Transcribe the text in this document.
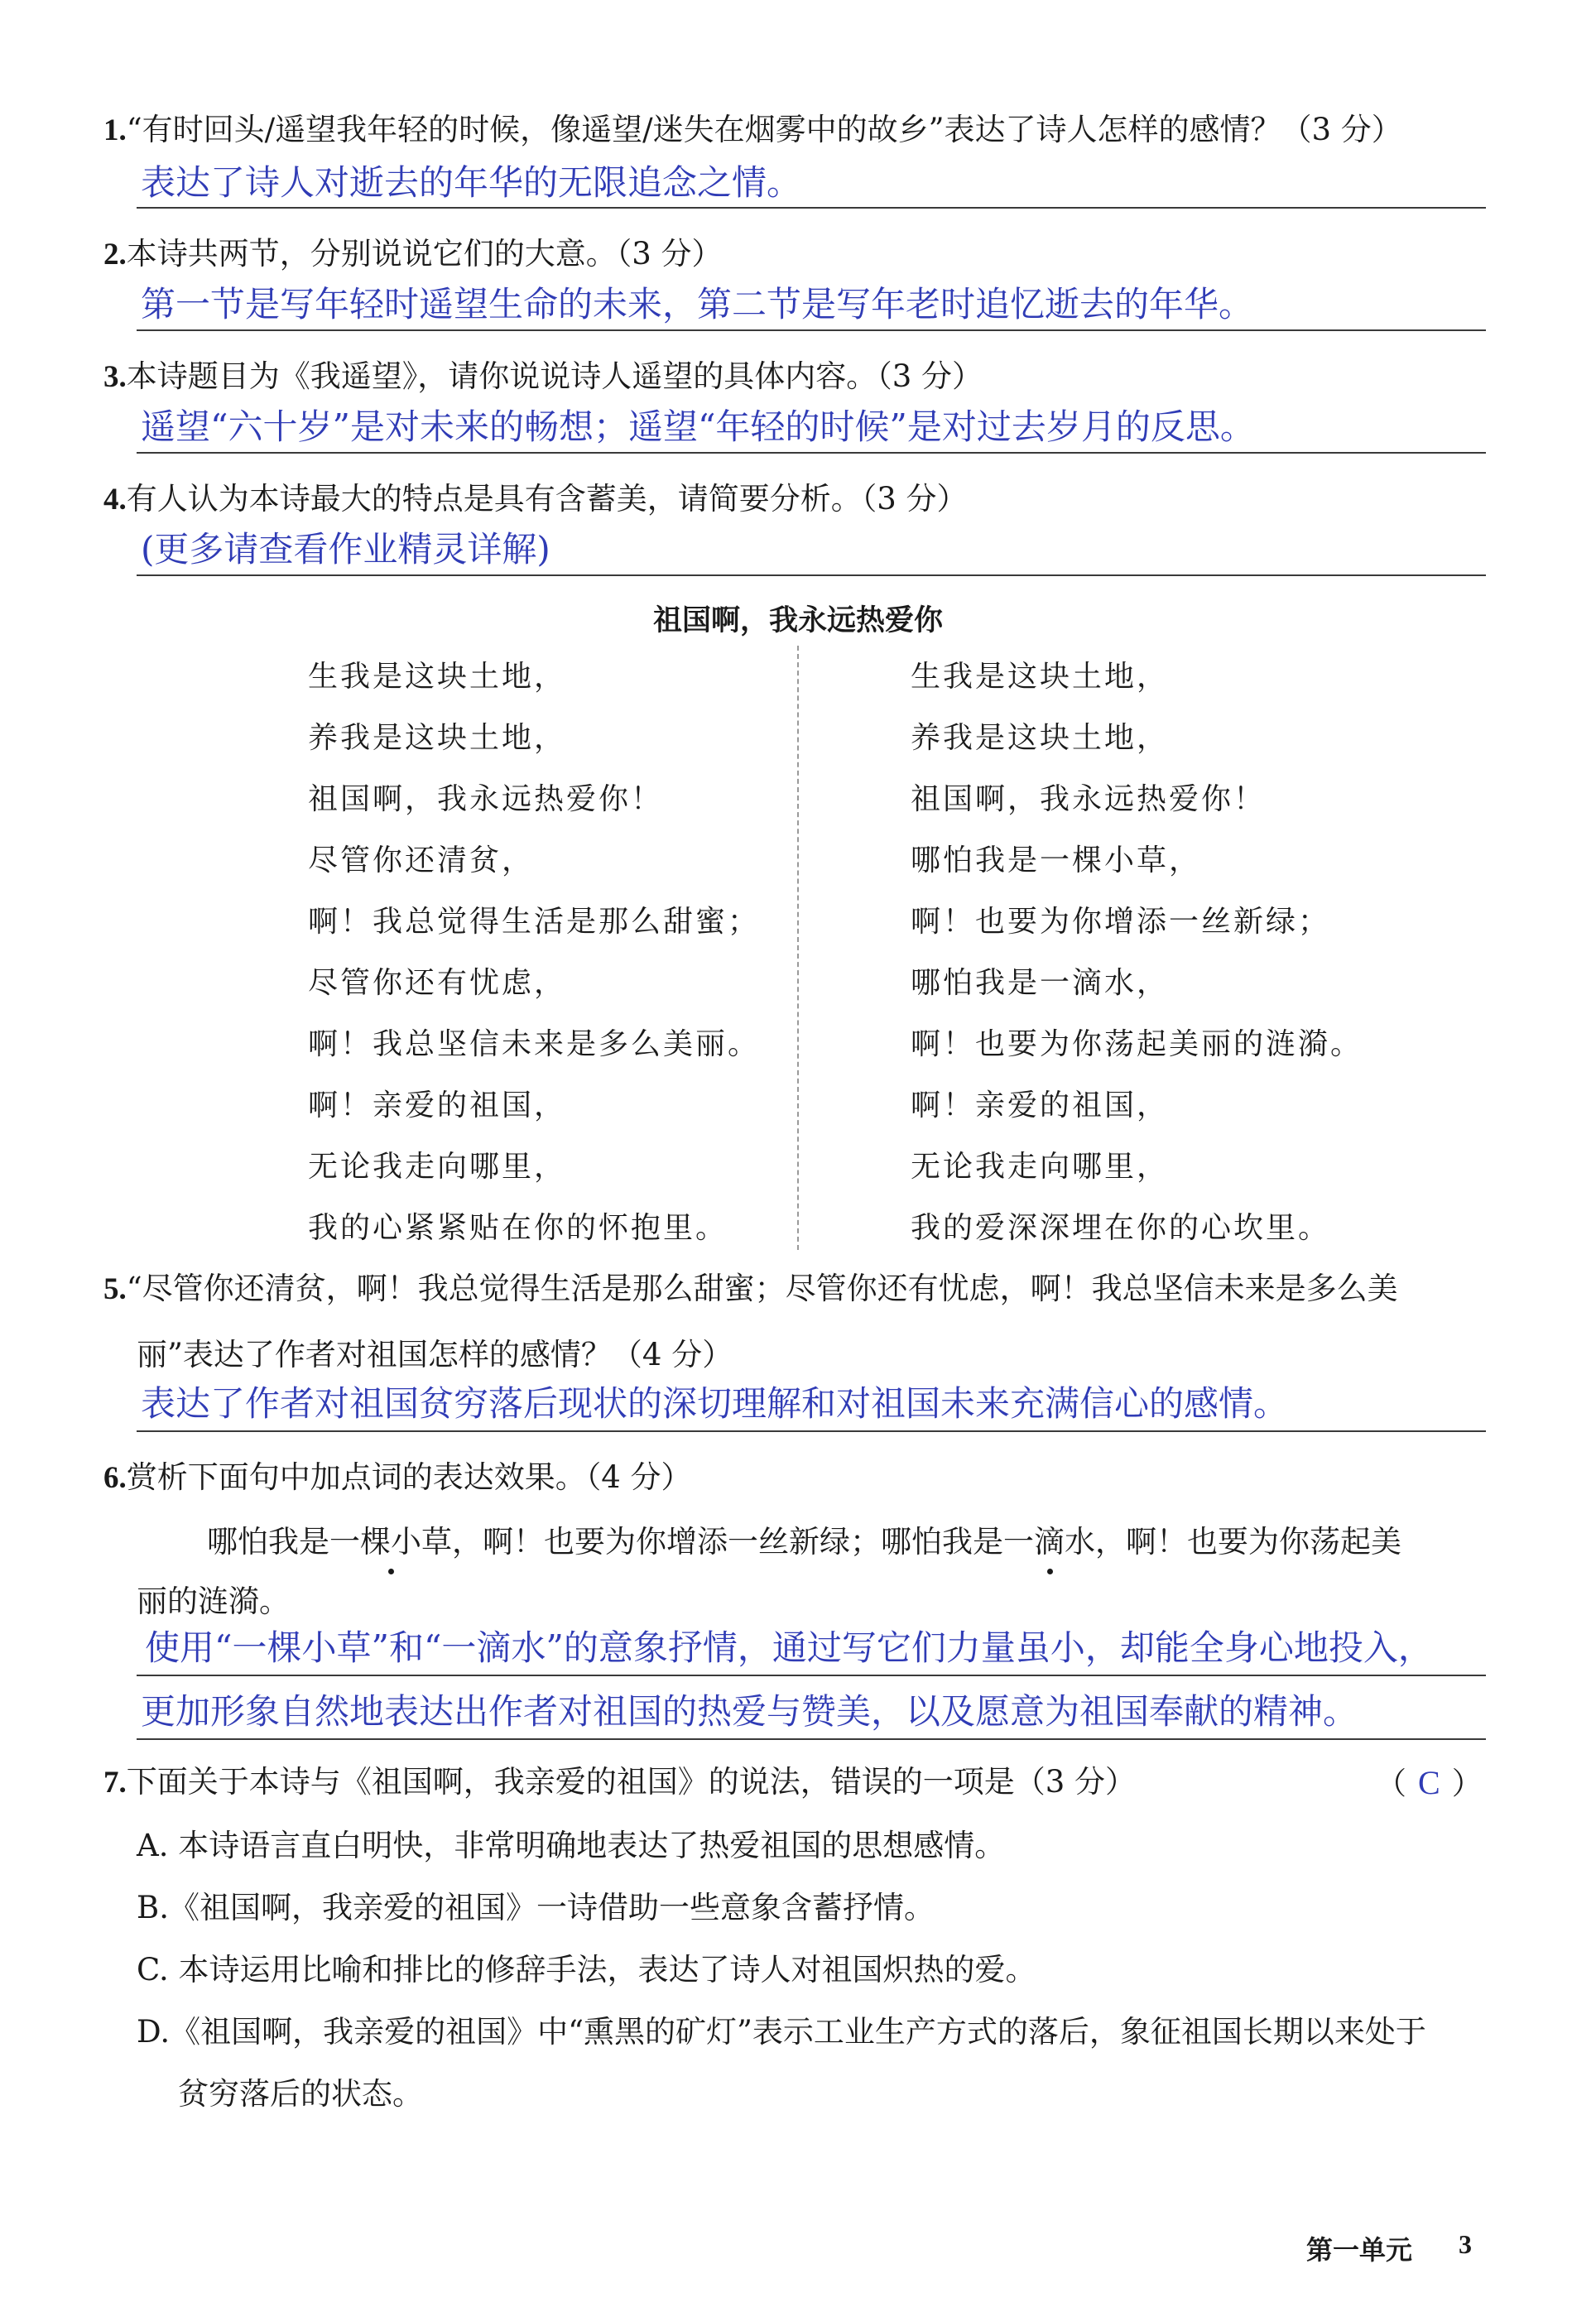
1.“有时回头/遥望我年轻的时候，像遥望/迷失在烟雾中的故乡”表达了诗人怎样的感情？（3 分）
表达了诗人对逝去的年华的无限追念之情。
2.本诗共两节，分别说说它们的大意。（3 分）
第一节是写年轻时遥望生命的未来，第二节是写年老时追忆逝去的年华。
3.本诗题目为《我遥望》，请你说说诗人遥望的具体内容。（3 分）
遥望“六十岁”是对未来的畅想；遥望“年轻的时候”是对过去岁月的反思。
4.有人认为本诗最大的特点是具有含蓄美，请简要分析。（3 分）
(更多请查看作业精灵详解)
祖国啊，我永远热爱你
生我是这块土地，
养我是这块土地，
祖国啊，我永远热爱你！
尽管你还清贫，
啊！我总觉得生活是那么甜蜜；
尽管你还有忧虑，
啊！我总坚信未来是多么美丽。
啊！亲爱的祖国，
无论我走向哪里，
我的心紧紧贴在你的怀抱里。
生我是这块土地，
养我是这块土地，
祖国啊，我永远热爱你！
哪怕我是一棵小草，
啊！也要为你增添一丝新绿；
哪怕我是一滴水，
啊！也要为你荡起美丽的涟漪。
啊！亲爱的祖国，
无论我走向哪里，
我的爱深深埋在你的心坎里。
5.“尽管你还清贫，啊！我总觉得生活是那么甜蜜；尽管你还有忧虑，啊！我总坚信未来是多么美
丽”表达了作者对祖国怎样的感情？（4 分）
表达了作者对祖国贫穷落后现状的深切理解和对祖国未来充满信心的感情。
6.赏析下面句中加点词的表达效果。（4 分）
哪怕我是一棵小草，啊！也要为你增添一丝新绿；哪怕我是一滴水，啊！也要为你荡起美
丽的涟漪。
使用“一棵小草”和“一滴水”的意象抒情，通过写它们力量虽小，却能全身心地投入，
更加形象自然地表达出作者对祖国的热爱与赞美，以及愿意为祖国奉献的精神。
7.下面关于本诗与《祖国啊，我亲爱的祖国》的说法，错误的一项是（3 分）	（ C ）
A. 本诗语言直白明快，非常明确地表达了热爱祖国的思想感情。
B.《祖国啊，我亲爱的祖国》一诗借助一些意象含蓄抒情。
C. 本诗运用比喻和排比的修辞手法，表达了诗人对祖国炽热的爱。
D.《祖国啊，我亲爱的祖国》中“熏黑的矿灯”表示工业生产方式的落后，象征祖国长期以来处于
贫穷落后的状态。
第一单元 3
